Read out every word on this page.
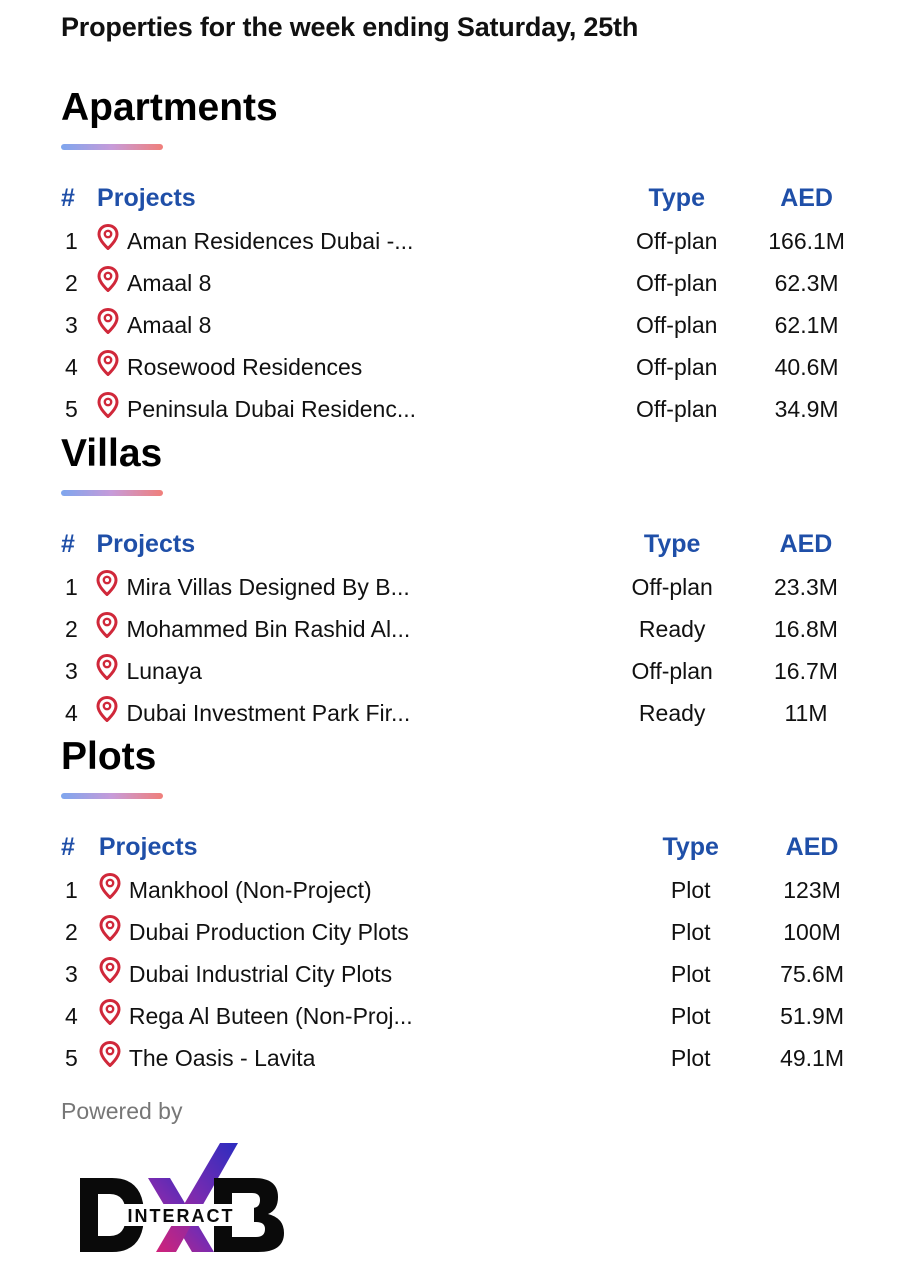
Properties for the week ending Saturday, 25th
Apartments
#	Projects	Type	AED
1	Aman Residences Dubai -...	Off-plan	166.1M
2	Amaal 8	Off-plan	62.3M
3	Amaal 8	Off-plan	62.1M
4	Rosewood Residences	Off-plan	40.6M
5	Peninsula Dubai Residenc...	Off-plan	34.9M
Villas
#	Projects	Type	AED
1	Mira Villas Designed By B...	Off-plan	23.3M
2	Mohammed Bin Rashid Al...	Ready	16.8M
3	Lunaya	Off-plan	16.7M
4	Dubai Investment Park Fir...	Ready	11M
Plots
#	Projects	Type	AED
1	Mankhool (Non-Project)	Plot	123M
2	Dubai Production City Plots	Plot	100M
3	Dubai Industrial City Plots	Plot	75.6M
4	Rega Al Buteen (Non-Proj...	Plot	51.9M
5	The Oasis - Lavita	Plot	49.1M
Powered by
INTERACT
